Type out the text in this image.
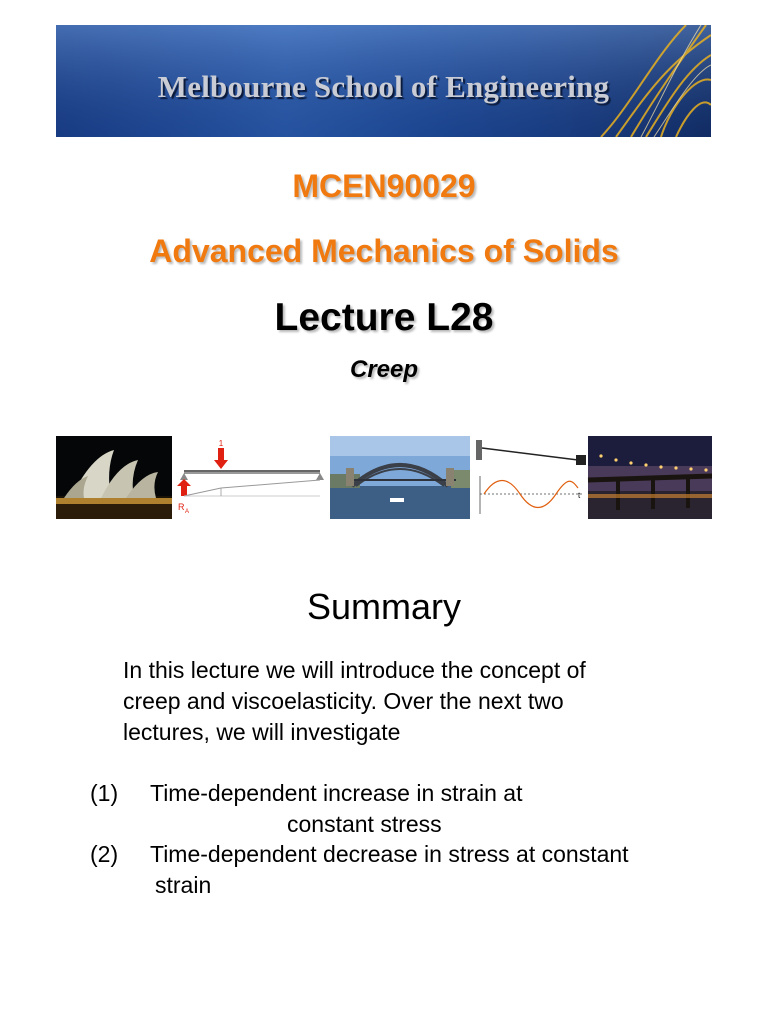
Melbourne School of Engineering
MCEN90029
Advanced Mechanics of Solids
Lecture L28
Creep
1
R A
t
Summary
In this lecture we will introduce the concept of
creep and viscoelasticity. Over the next two
lectures, we will investigate
(1) Time-dependent increase in strain at
constant stress
(2) Time-dependent decrease in stress at constant
strain
